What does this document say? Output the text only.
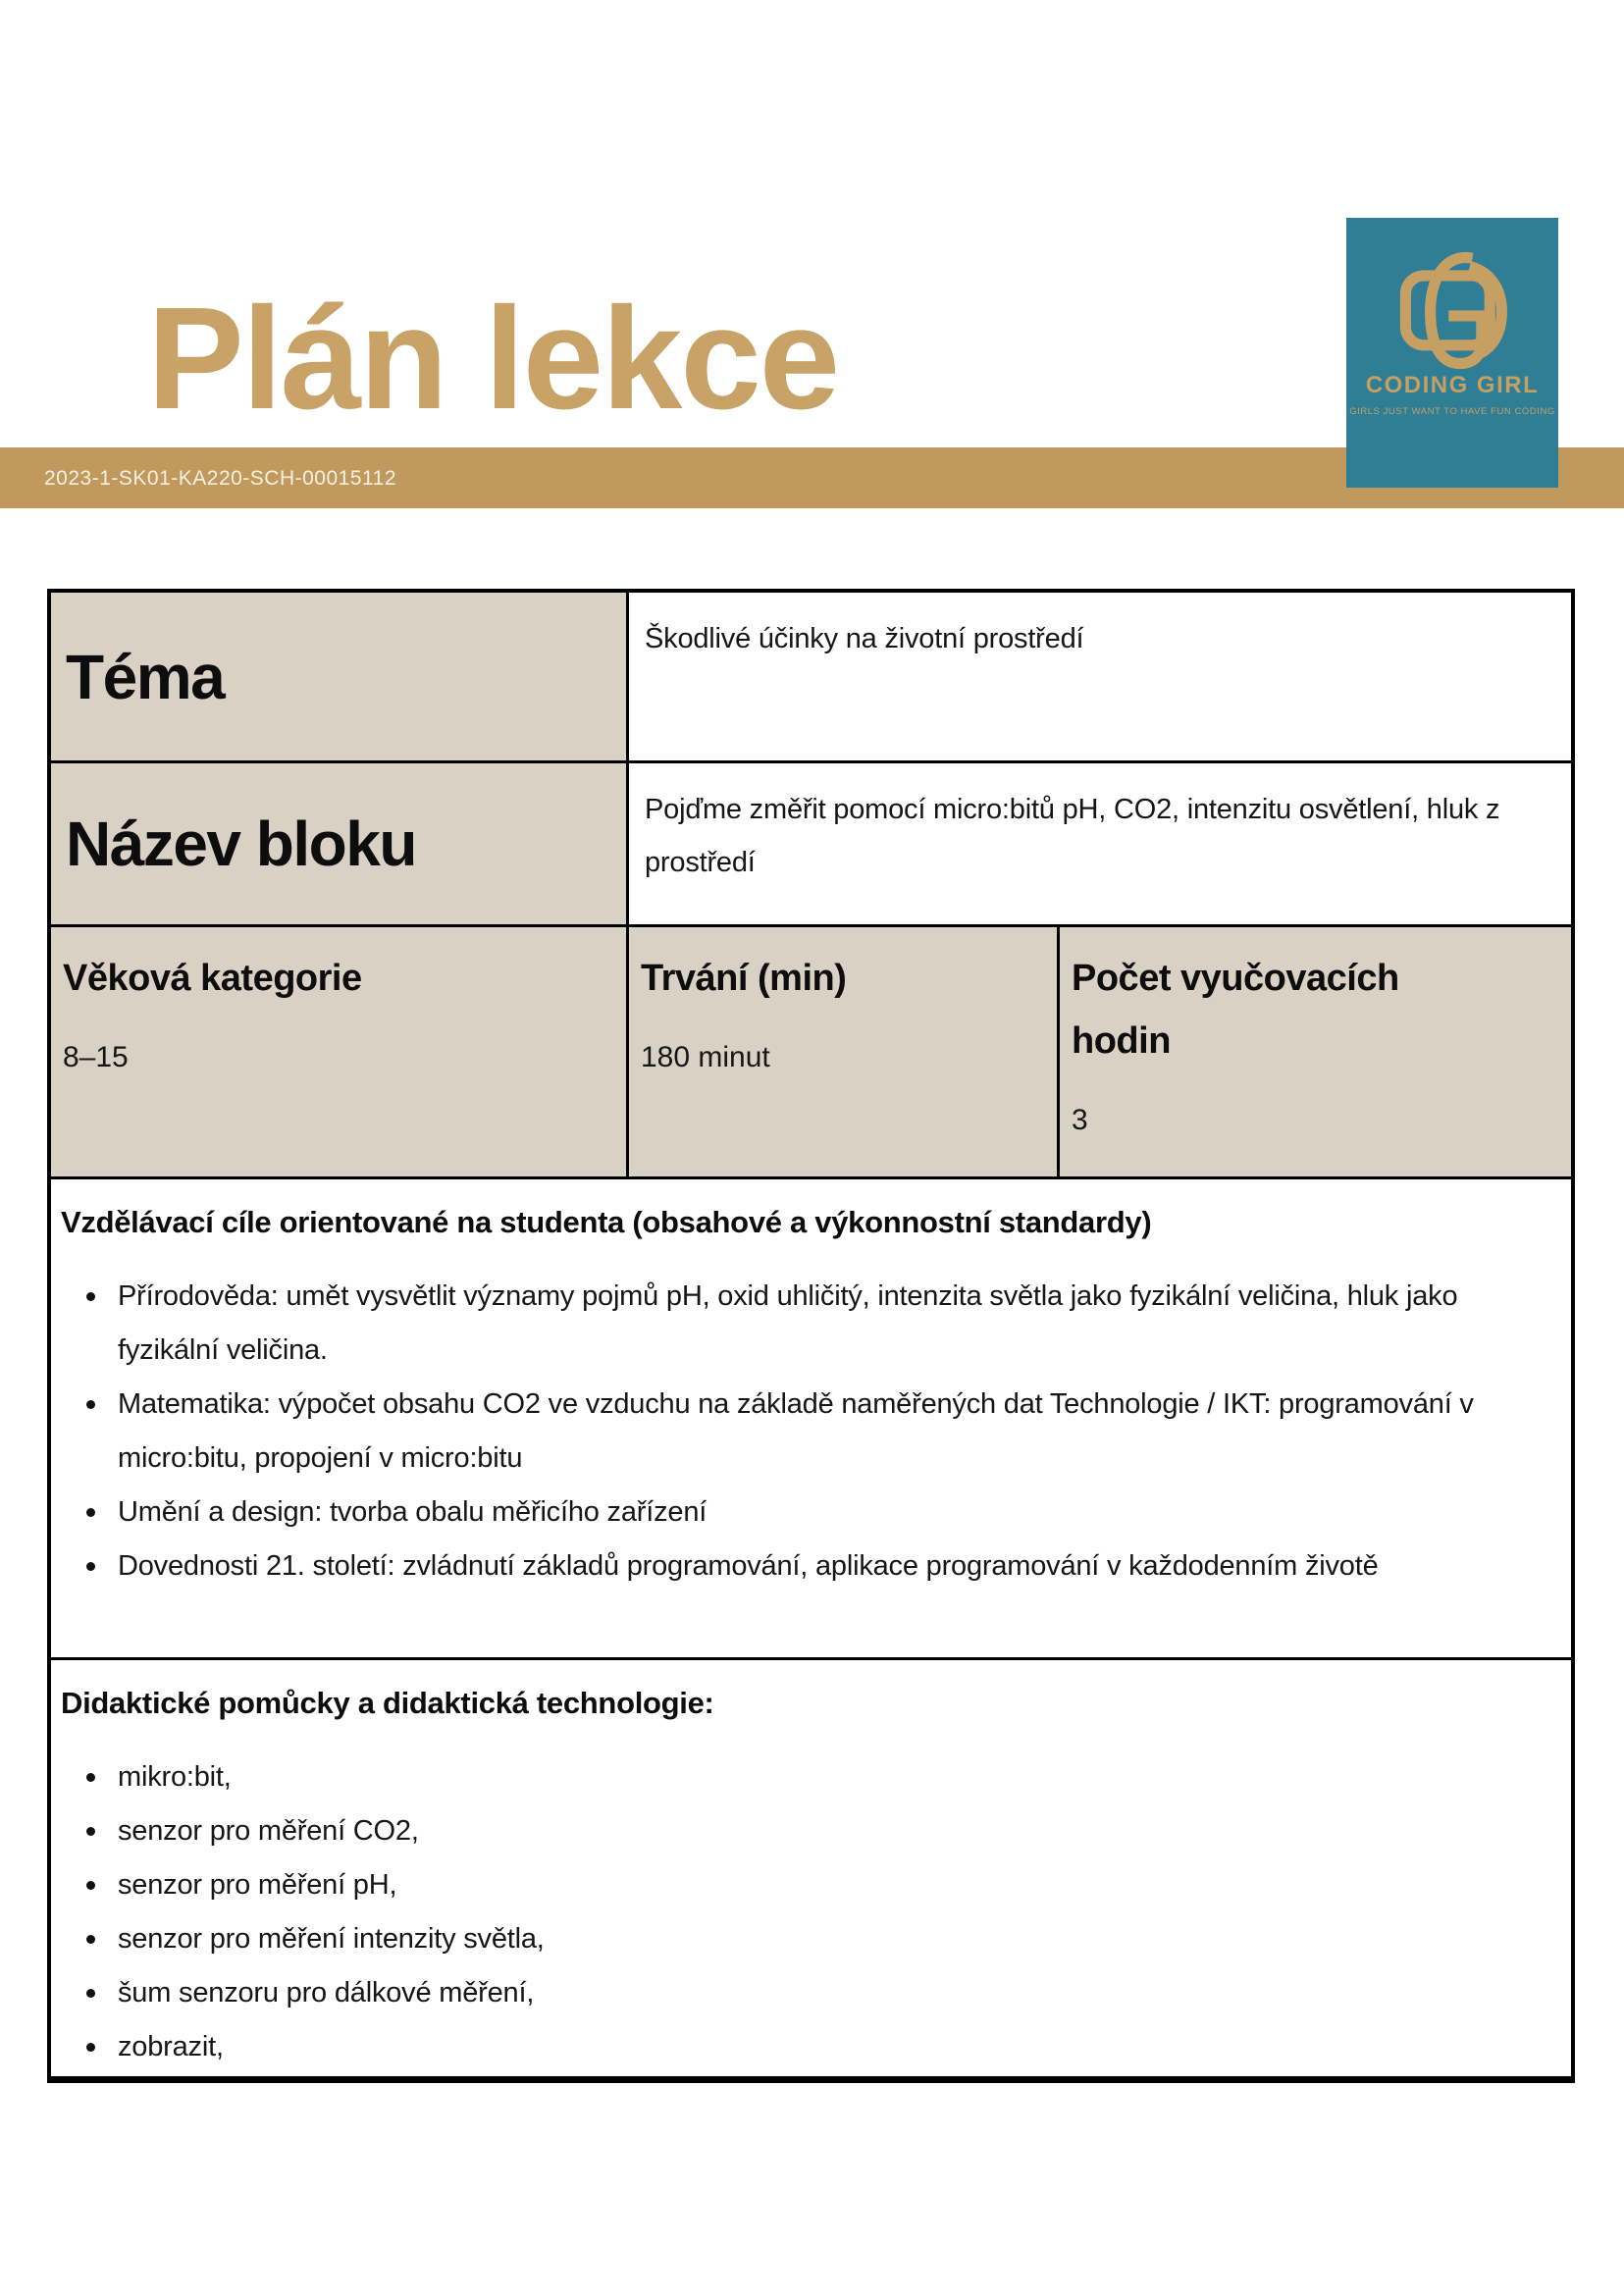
Plán lekce
2023-1-SK01-KA220-SCH-00015112
CODING GIRL
GIRLS JUST WANT TO HAVE FUN CODING
Téma

Škodlivé účinky na životní prostředí

Název bloku	Pojďme změřit pomocí micro:bitů pH, CO2, intenzitu osvětlení, hluk z prostředí

Věková kategorie

8–15

Trvání (min)

180 minut

Počet vyučovacích hodin

3

Vzdělávací cíle orientované na studenta (obsahové a výkonnostní standardy)
Přírodověda: umět vysvětlit významy pojmů pH, oxid uhličitý, intenzita světla jako fyzikální veličina, hluk jako fyzikální veličina.
Matematika: výpočet obsahu CO2 ve vzduchu na základě naměřených dat Technologie / IKT: programování v micro:bitu, propojení v micro:bitu
Umění a design: tvorba obalu měřicího zařízení
Dovednosti 21. století: zvládnutí základů programování, aplikace programování v každodenním životě
Didaktické pomůcky a didaktická technologie:
mikro:bit,
senzor pro měření CO2,
senzor pro měření pH,
senzor pro měření intenzity světla,
šum senzoru pro dálkové měření,
zobrazit,
